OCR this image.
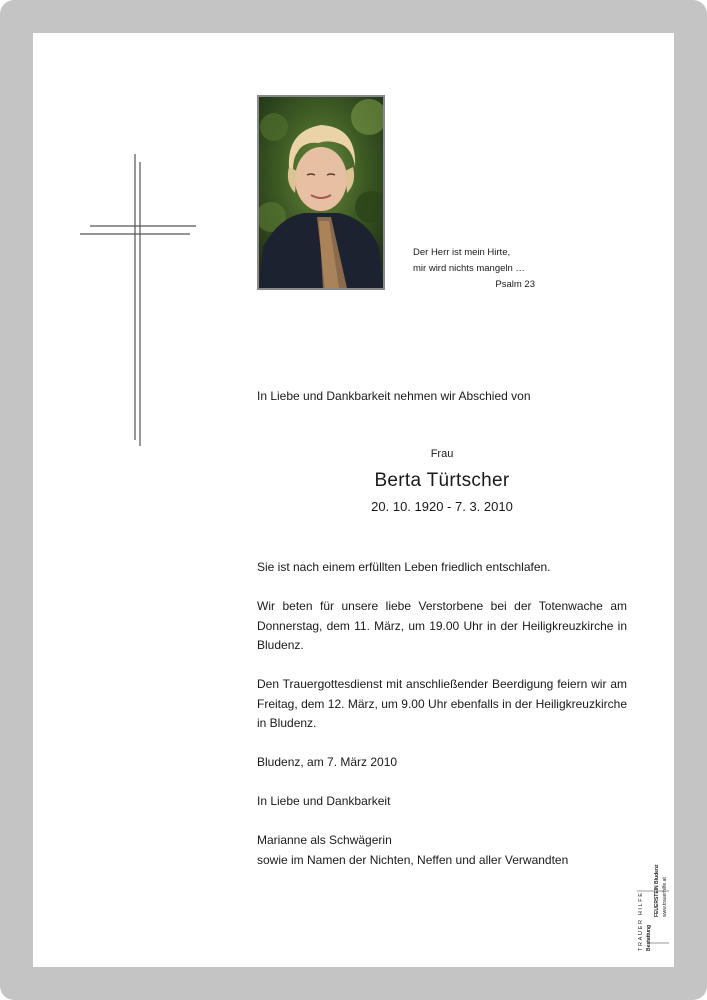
Der Herr ist mein Hirte,
mir wird nichts mangeln …
Psalm 23
In Liebe und Dankbarkeit nehmen wir Abschied von
Frau
Berta Türtscher
20. 10. 1920 - 7. 3. 2010

Sie ist nach einem erfüllten Leben friedlich entschlafen.

Wir beten für unsere liebe Verstorbene bei der Totenwache am Donnerstag, dem 11. März, um 19.00 Uhr in der Heiligkreuzkirche in Bludenz.

Den Trauergottesdienst mit anschließender Beerdigung feiern wir am Freitag, dem 12. März, um 9.00 Uhr ebenfalls in der Heiligkreuzkirche in Bludenz.

Bludenz, am 7. März 2010

In Liebe und Dankbarkeit

Marianne als Schwägerin
sowie im Namen der Nichten, Neffen und aller Verwandten
TRAUER HILFE Bestattung
FEUERSTEIN Bludenz www.trauerhilfe.at
